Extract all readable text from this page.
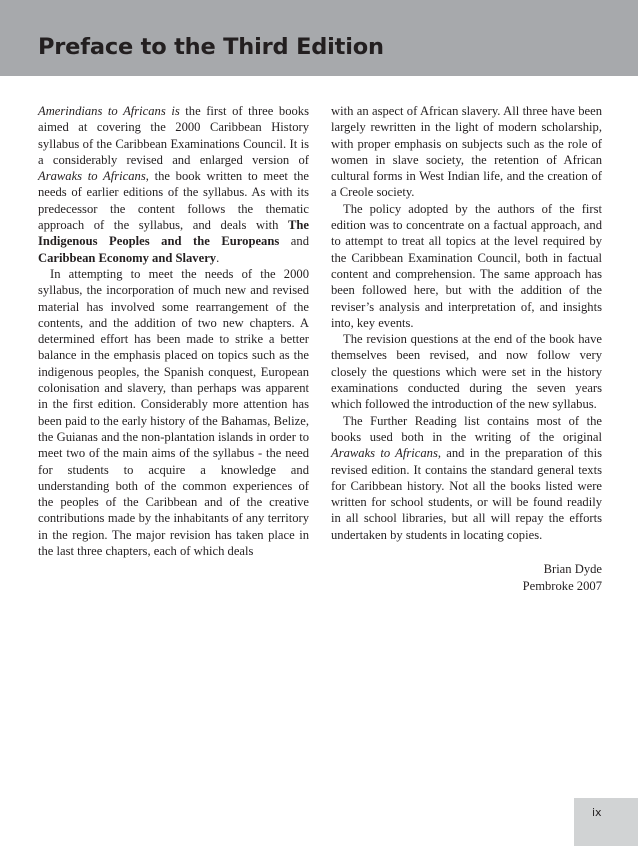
Preface to the Third Edition

Amerindians to Africans is the first of three books aimed at covering the 2000 Caribbean History syllabus of the Caribbean Examinations Council. It is a considerably revised and enlarged version of Arawaks to Africans, the book written to meet the needs of earlier editions of the syllabus. As with its predecessor the content follows the thematic approach of the syllabus, and deals with The Indigenous Peoples and the Europeans and Caribbean Economy and Slavery.

In attempting to meet the needs of the 2000 syllabus, the incorporation of much new and revised material has involved some rearrangement of the contents, and the addition of two new chapters. A determined effort has been made to strike a better balance in the emphasis placed on topics such as the indigenous peoples, the Spanish conquest, European colonisation and slavery, than perhaps was apparent in the first edition. Considerably more attention has been paid to the early history of the Bahamas, Belize, the Guianas and the non-plantation islands in order to meet two of the main aims of the syllabus - the need for students to acquire a knowledge and understanding both of the common experiences of the peoples of the Caribbean and of the creative contributions made by the inhabitants of any territory in the region. The major revision has taken place in the last three chapters, each of which deals

with an aspect of African slavery. All three have been largely rewritten in the light of modern scholarship, with proper emphasis on subjects such as the role of women in slave society, the retention of African cultural forms in West Indian life, and the creation of a Creole society.

The policy adopted by the authors of the first edition was to concentrate on a factual approach, and to attempt to treat all topics at the level required by the Caribbean Examination Council, both in factual content and comprehension. The same approach has been followed here, but with the addition of the reviser’s analysis and interpretation of, and insights into, key events.

The revision questions at the end of the book have themselves been revised, and now follow very closely the questions which were set in the history examinations conducted during the seven years which followed the introduction of the new syllabus.

The Further Reading list contains most of the books used both in the writing of the original Arawaks to Africans, and in the preparation of this revised edition. It contains the standard general texts for Caribbean history. Not all the books listed were written for school students, or will be found readily in all school libraries, but all will repay the efforts undertaken by students in locating copies.

Brian Dyde
Pembroke 2007
ix
